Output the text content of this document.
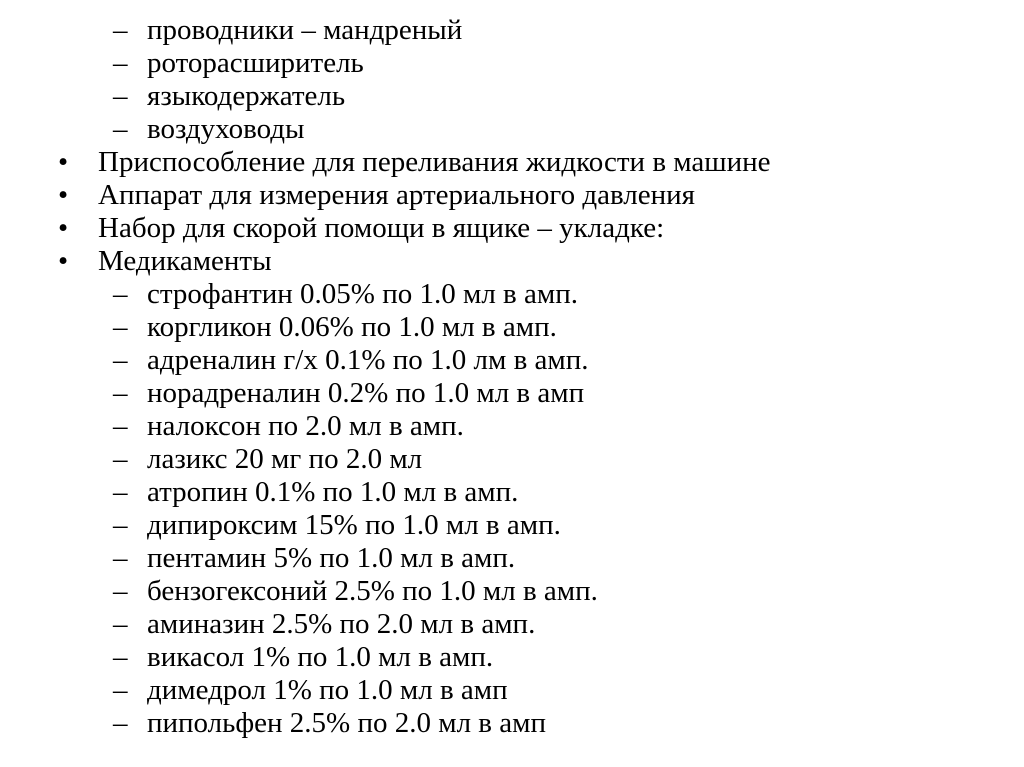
– проводники – мандреный
– роторасширитель
– языкодержатель
– воздуховоды
• Приспособление для переливания жидкости в машине
• Аппарат для измерения артериального давления
• Набор для скорой помощи в ящике – укладке:
• Медикаменты
– строфантин 0.05% по 1.0 мл в амп.
– коргликон 0.06% по 1.0 мл в амп.
– адреналин г/х 0.1% по 1.0 лм в амп.
– норадреналин 0.2% по 1.0 мл в амп
– налоксон по 2.0 мл в амп.
– лазикс 20 мг по 2.0 мл
– атропин 0.1% по 1.0 мл в амп.
– дипироксим 15% по 1.0 мл в амп.
– пентамин 5% по 1.0 мл в амп.
– бензогексоний 2.5% по 1.0 мл в амп.
– аминазин 2.5% по 2.0 мл в амп.
– викасол 1% по 1.0 мл в амп.
– димедрол 1% по 1.0 мл в амп
– пипольфен 2.5% по 2.0 мл в амп
